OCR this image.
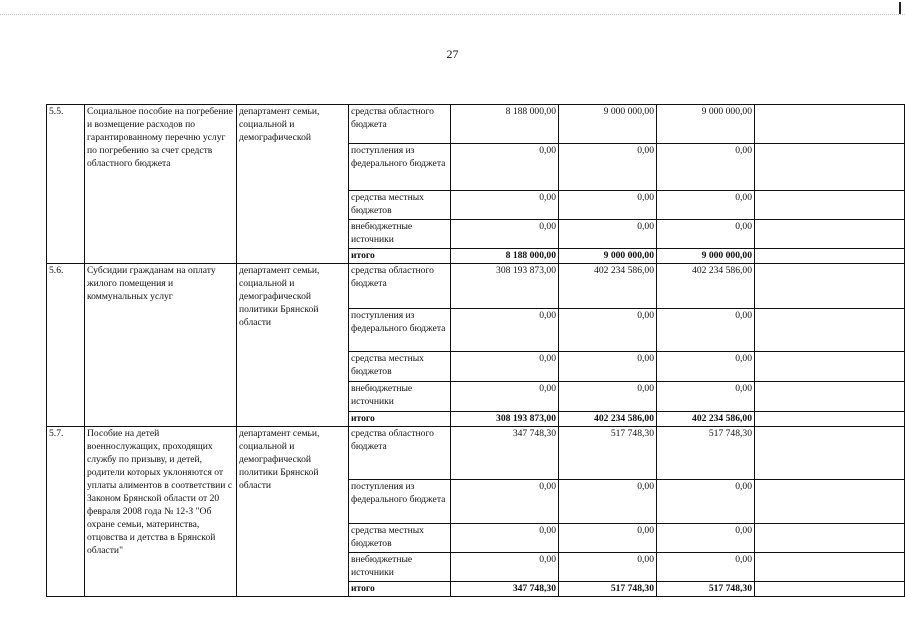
27
5.5.	Социальное пособие на погребение и возмещение расходов по гарантированному перечню услуг по погребению за счет средств областного бюджета	департамент семьи, социальной и демографической	средства областного бюджета	8 188 000,00	9 000 000,00	9 000 000,00	
			поступления из федерального бюджета	0,00	0,00	0,00	
			средства местных бюджетов	0,00	0,00	0,00	
			внебюджетные источники	0,00	0,00	0,00	
			итого	8 188 000,00	9 000 000,00	9 000 000,00	
5.6.	Субсидии гражданам на оплату жилого помещения и коммунальных услуг	департамент семьи, социальной и демографической политики Брянской области	средства областного бюджета	308 193 873,00	402 234 586,00	402 234 586,00	
			поступления из федерального бюджета	0,00	0,00	0,00	
			средства местных бюджетов	0,00	0,00	0,00	
			внебюджетные источники	0,00	0,00	0,00	
			итого	308 193 873,00	402 234 586,00	402 234 586,00	
5.7.	Пособие на детей военнослужащих, проходящих службу по призыву, и детей, родители которых уклоняются от уплаты алиментов в соответствии с Законом Брянской области от 20 февраля 2008 года № 12-З "Об охране семьи, материнства, отцовства и детства в Брянской области"	департамент семьи, социальной и демографической политики Брянской области	средства областного бюджета	347 748,30	517 748,30	517 748,30	
			поступления из федерального бюджета	0,00	0,00	0,00	
			средства местных бюджетов	0,00	0,00	0,00	
			внебюджетные источники	0,00	0,00	0,00	
			итого	347 748,30	517 748,30	517 748,30	
